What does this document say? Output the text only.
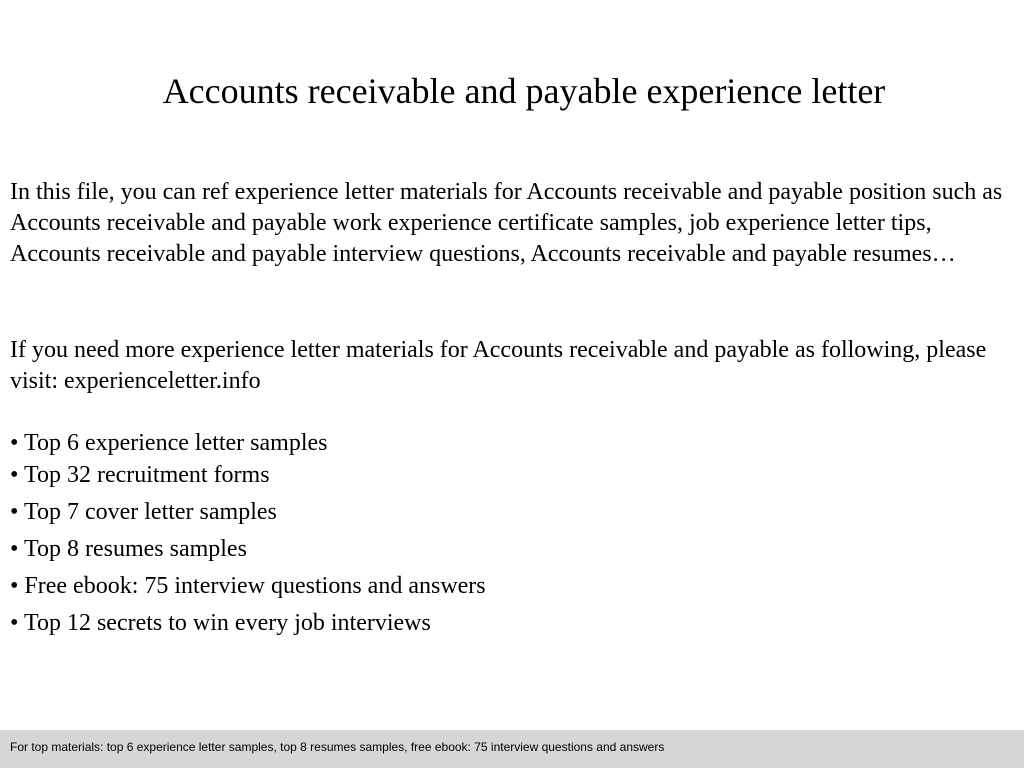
Accounts receivable and payable experience letter

In this file, you can ref experience letter materials for Accounts receivable and payable position such as Accounts receivable and payable work experience certificate samples, job experience letter tips, Accounts receivable and payable interview questions, Accounts receivable and payable resumes…

If you need more experience letter materials for Accounts receivable and payable as following, please visit: experienceletter.info

• Top 6 experience letter samples
• Top 32 recruitment forms
• Top 7 cover letter samples
• Top 8 resumes samples
• Free ebook: 75 interview questions and answers
• Top 12 secrets to win every job interviews
For top materials: top 6 experience letter samples, top 8 resumes samples, free ebook: 75 interview questions and answers
